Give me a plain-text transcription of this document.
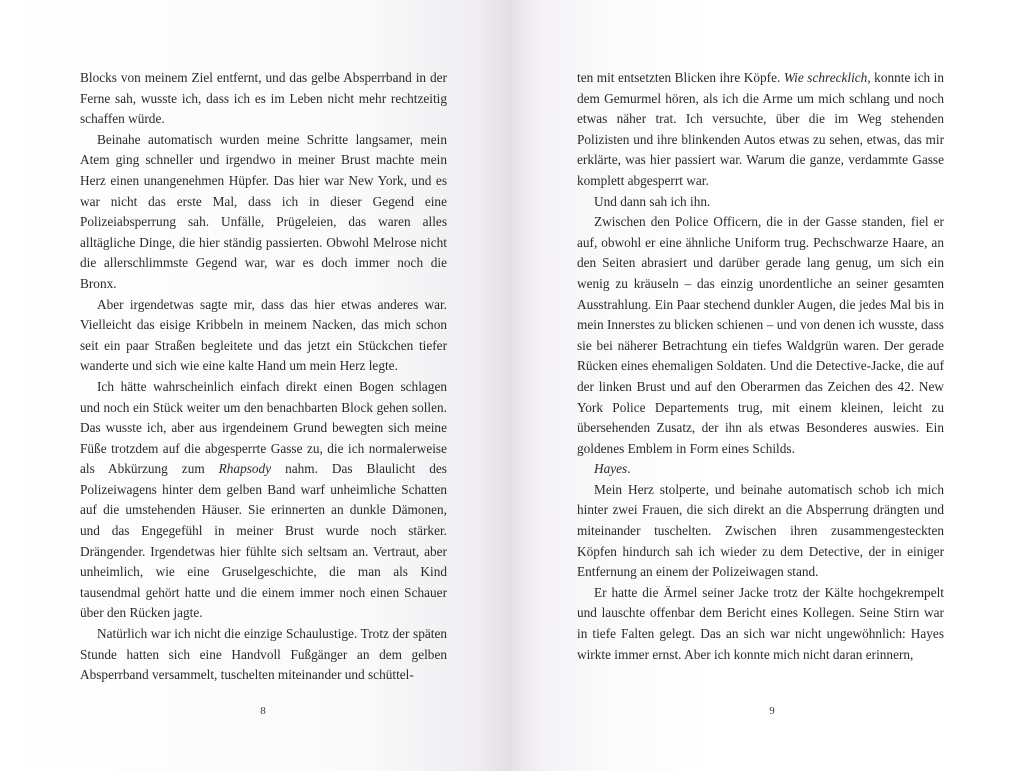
Blocks von meinem Ziel entfernt, und das gelbe Absperrband in der Ferne sah, wusste ich, dass ich es im Leben nicht mehr rechtzeitig schaffen würde.

Beinahe automatisch wurden meine Schritte langsamer, mein Atem ging schneller und irgendwo in meiner Brust machte mein Herz einen unangenehmen Hüpfer. Das hier war New York, und es war nicht das erste Mal, dass ich in dieser Gegend eine Polizeiabsperrung sah. Unfälle, Prügeleien, das waren alles alltägliche Dinge, die hier ständig passierten. Obwohl Melrose nicht die allerschlimmste Gegend war, war es doch immer noch die Bronx.

Aber irgendetwas sagte mir, dass das hier etwas anderes war. Vielleicht das eisige Kribbeln in meinem Nacken, das mich schon seit ein paar Straßen begleitete und das jetzt ein Stückchen tiefer wanderte und sich wie eine kalte Hand um mein Herz legte.

Ich hätte wahrscheinlich einfach direkt einen Bogen schlagen und noch ein Stück weiter um den benachbarten Block gehen sollen. Das wusste ich, aber aus irgendeinem Grund bewegten sich meine Füße trotzdem auf die abgesperrte Gasse zu, die ich normalerweise als Abkürzung zum Rhapsody nahm. Das Blaulicht des Polizeiwagens hinter dem gelben Band warf unheimliche Schatten auf die umstehenden Häuser. Sie erinnerten an dunkle Dämonen, und das Engegefühl in meiner Brust wurde noch stärker. Drängender. Irgendetwas hier fühlte sich seltsam an. Vertraut, aber unheimlich, wie eine Gruselgeschichte, die man als Kind tausendmal gehört hatte und die einem immer noch einen Schauer über den Rücken jagte.

Natürlich war ich nicht die einzige Schaulustige. Trotz der späten Stunde hatten sich eine Handvoll Fußgänger an dem gelben Absperrband versammelt, tuschelten miteinander und schüttel-

8

ten mit entsetzten Blicken ihre Köpfe. Wie schrecklich, konnte ich in dem Gemurmel hören, als ich die Arme um mich schlang und noch etwas näher trat. Ich versuchte, über die im Weg stehenden Polizisten und ihre blinkenden Autos etwas zu sehen, etwas, das mir erklärte, was hier passiert war. Warum die ganze, verdammte Gasse komplett abgesperrt war.

Und dann sah ich ihn.

Zwischen den Police Officern, die in der Gasse standen, fiel er auf, obwohl er eine ähnliche Uniform trug. Pechschwarze Haare, an den Seiten abrasiert und darüber gerade lang genug, um sich ein wenig zu kräuseln – das einzig unordentliche an seiner gesamten Ausstrahlung. Ein Paar stechend dunkler Augen, die jedes Mal bis in mein Innerstes zu blicken schienen – und von denen ich wusste, dass sie bei näherer Betrachtung ein tiefes Waldgrün waren. Der gerade Rücken eines ehemaligen Soldaten. Und die Detective-Jacke, die auf der linken Brust und auf den Oberarmen das Zeichen des 42. New York Police Departements trug, mit einem kleinen, leicht zu übersehenden Zusatz, der ihn als etwas Besonderes auswies. Ein goldenes Emblem in Form eines Schilds.

Hayes.

Mein Herz stolperte, und beinahe automatisch schob ich mich hinter zwei Frauen, die sich direkt an die Absperrung drängten und miteinander tuschelten. Zwischen ihren zusammengesteckten Köpfen hindurch sah ich wieder zu dem Detective, der in einiger Entfernung an einem der Polizeiwagen stand.

Er hatte die Ärmel seiner Jacke trotz der Kälte hochgekrempelt und lauschte offenbar dem Bericht eines Kollegen. Seine Stirn war in tiefe Falten gelegt. Das an sich war nicht ungewöhnlich: Hayes wirkte immer ernst. Aber ich konnte mich nicht daran erinnern,

9
